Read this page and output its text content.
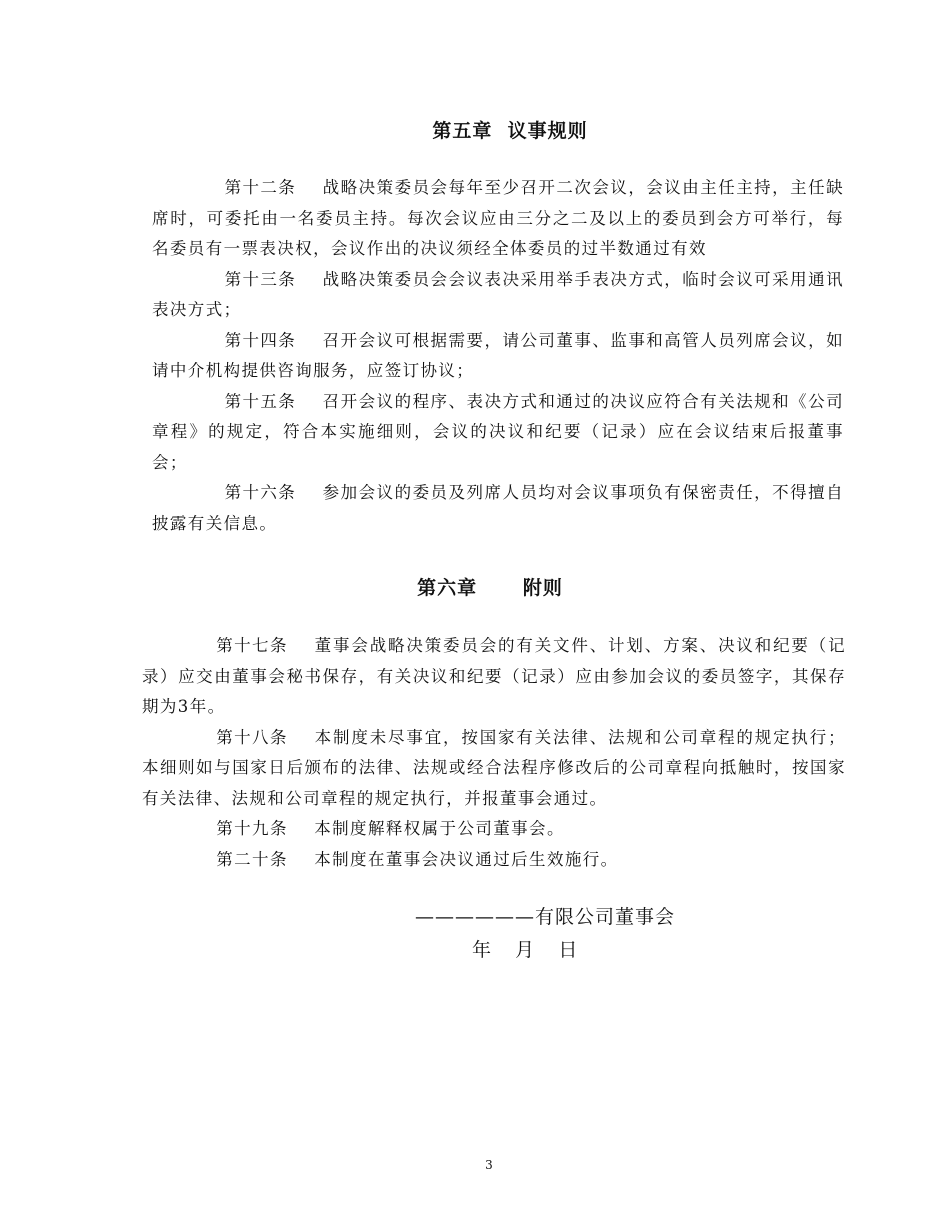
第五章  议事规则

第十二条 战略决策委员会每年至少召开二次会议，会议由主任主持，主任缺席时，可委托由一名委员主持。每次会议应由三分之二及以上的委员到会方可举行，每名委员有一票表决权，会议作出的决议须经全体委员的过半数通过有效

第十三条 战略决策委员会会议表决采用举手表决方式，临时会议可采用通讯表决方式；

第十四条 召开会议可根据需要，请公司董事、监事和高管人员列席会议，如请中介机构提供咨询服务，应签订协议；

第十五条 召开会议的程序、表决方式和通过的决议应符合有关法规和《公司章程》的规定，符合本实施细则，会议的决议和纪要（记录）应在会议结束后报董事会；

第十六条 参加会议的委员及列席人员均对会议事项负有保密责任，不得擅自披露有关信息。

第六章      附则

第十七条 董事会战略决策委员会的有关文件、计划、方案、决议和纪要（记录）应交由董事会秘书保存，有关决议和纪要（记录）应由参加会议的委员签字，其保存期为3年。

第十八条 本制度未尽事宜，按国家有关法律、法规和公司章程的规定执行；本细则如与国家日后颁布的法律、法规或经合法程序修改后的公司章程向抵触时，按国家有关法律、法规和公司章程的规定执行，并报董事会通过。

第十九条 本制度解释权属于公司董事会。

第二十条 本制度在董事会决议通过后生效施行。

——————有限公司董事会
年    月    日
3
